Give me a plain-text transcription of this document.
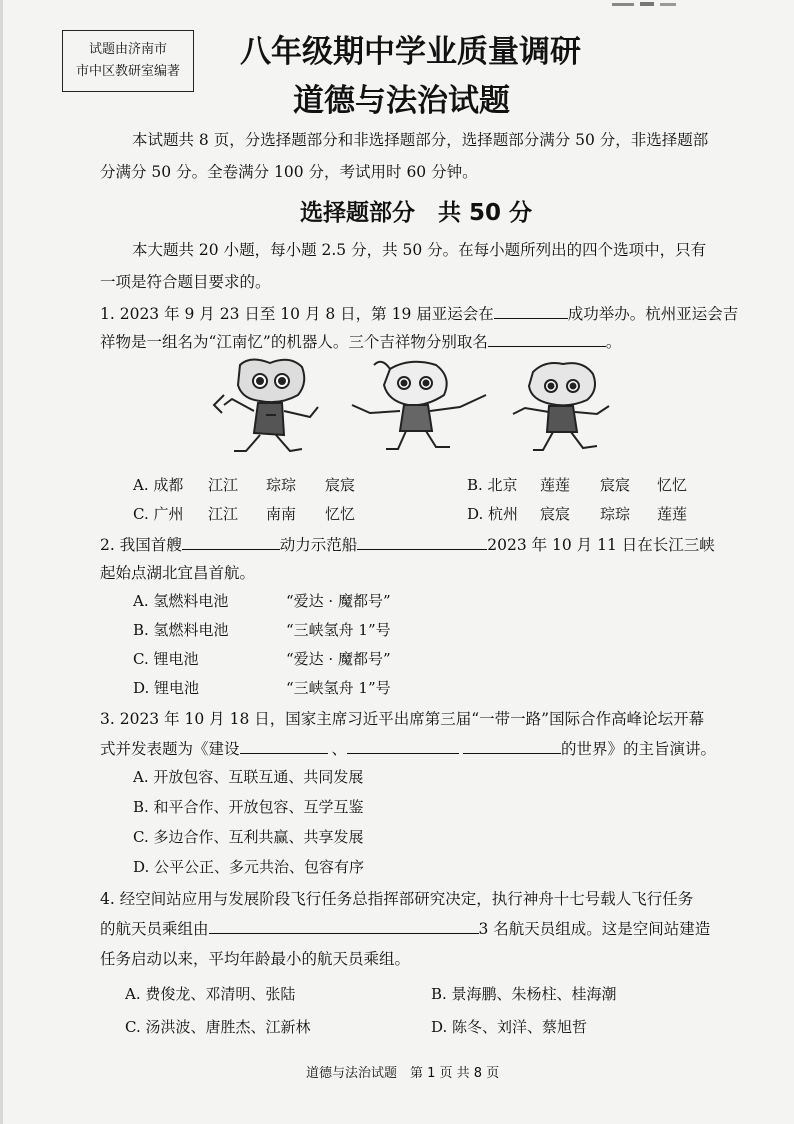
试题由济南市
市中区教研室编著
八年级期中学业质量调研
道德与法治试题
本试题共 8 页，分选择题部分和非选择题部分，选择题部分满分 50 分，非选择题部
分满分 50 分。全卷满分 100 分，考试用时 60 分钟。
选择题部分　共 50 分
本大题共 20 小题，每小题 2.5 分，共 50 分。在每小题所列出的四个选项中，只有
一项是符合题目要求的。
1. 2023 年 9 月 23 日至 10 月 8 日，第 19 届亚运会在	成功举办。杭州亚运会吉
祥物是一组名为“江南忆”的机器人。三个吉祥物分别取名	。
A. 成都 江江 琮琮 宸宸	B. 北京 莲莲 宸宸 忆忆
C. 广州 江江 南南 忆忆	D. 杭州 宸宸 琮琮 莲莲
2. 我国首艘	动力示范船	2023 年 10 月 11 日在长江三峡
起始点湖北宜昌首航。
A. 氢燃料电池	“爱达 · 魔都号”
B. 氢燃料电池	“三峡氢舟 1”号
C. 锂电池	“爱达 · 魔都号”
D. 锂电池	“三峡氢舟 1”号
3. 2023 年 10 月 18 日，国家主席习近平出席第三届“一带一路”国际合作高峰论坛开幕
式并发表题为《建设	、	的世界》的主旨演讲。
A. 开放包容、互联互通、共同发展
B. 和平合作、开放包容、互学互鉴
C. 多边合作、互利共赢、共享发展
D. 公平公正、多元共治、包容有序
4. 经空间站应用与发展阶段飞行任务总指挥部研究决定，执行神舟十七号载人飞行任务
的航天员乘组由	3 名航天员组成。这是空间站建造
任务启动以来，平均年龄最小的航天员乘组。
A. 费俊龙、邓清明、张陆	B. 景海鹏、朱杨柱、桂海潮
C. 汤洪波、唐胜杰、江新林	D. 陈冬、刘洋、蔡旭哲
道德与法治试题　第 1 页 共 8 页
